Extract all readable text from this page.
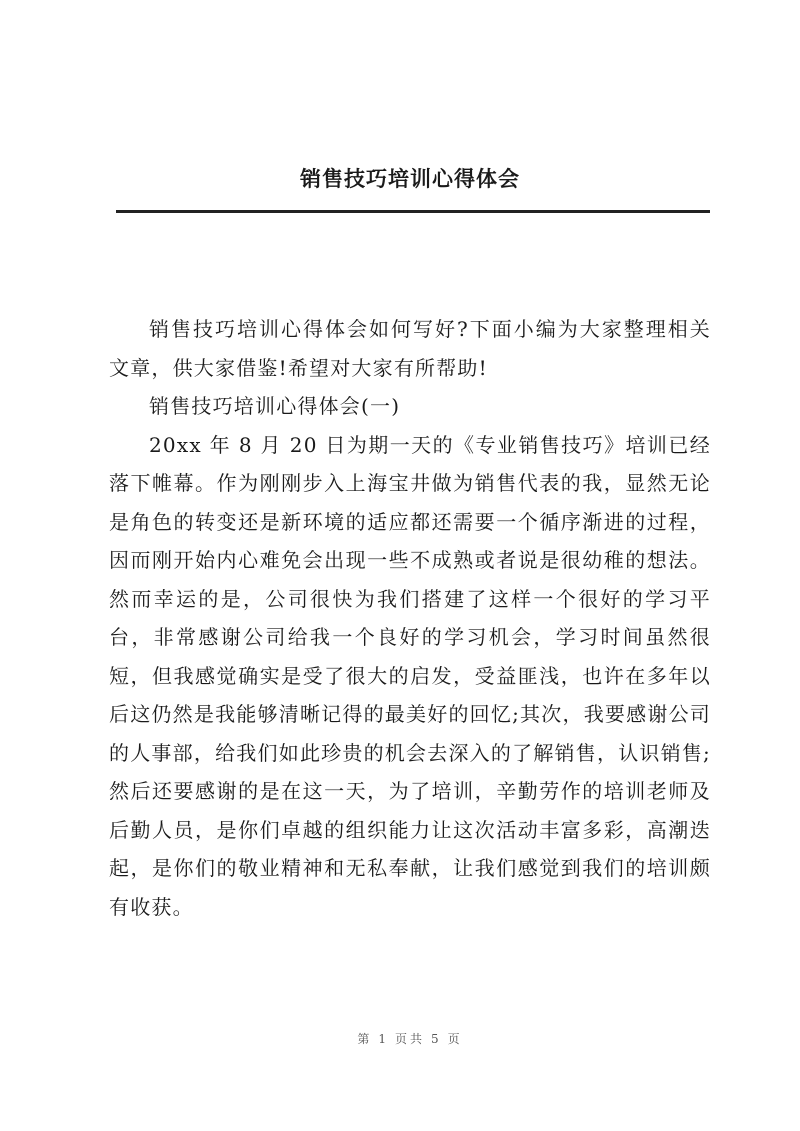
销售技巧培训心得体会

销售技巧培训心得体会如何写好?下面小编为大家整理相关文章，供大家借鉴!希望对大家有所帮助!

销售技巧培训心得体会(一)

20xx 年 8 月 20 日为期一天的《专业销售技巧》培训已经落下帷幕。作为刚刚步入上海宝井做为销售代表的我，显然无论是角色的转变还是新环境的适应都还需要一个循序渐进的过程，因而刚开始内心难免会出现一些不成熟或者说是很幼稚的想法。然而幸运的是，公司很快为我们搭建了这样一个很好的学习平台，非常感谢公司给我一个良好的学习机会，学习时间虽然很短，但我感觉确实是受了很大的启发，受益匪浅，也许在多年以后这仍然是我能够清晰记得的最美好的回忆;其次，我要感谢公司的人事部，给我们如此珍贵的机会去深入的了解销售，认识销售;然后还要感谢的是在这一天，为了培训，辛勤劳作的培训老师及后勤人员，是你们卓越的组织能力让这次活动丰富多彩，高潮迭起，是你们的敬业精神和无私奉献，让我们感觉到我们的培训颇有收获。

第 1 页共 5 页
